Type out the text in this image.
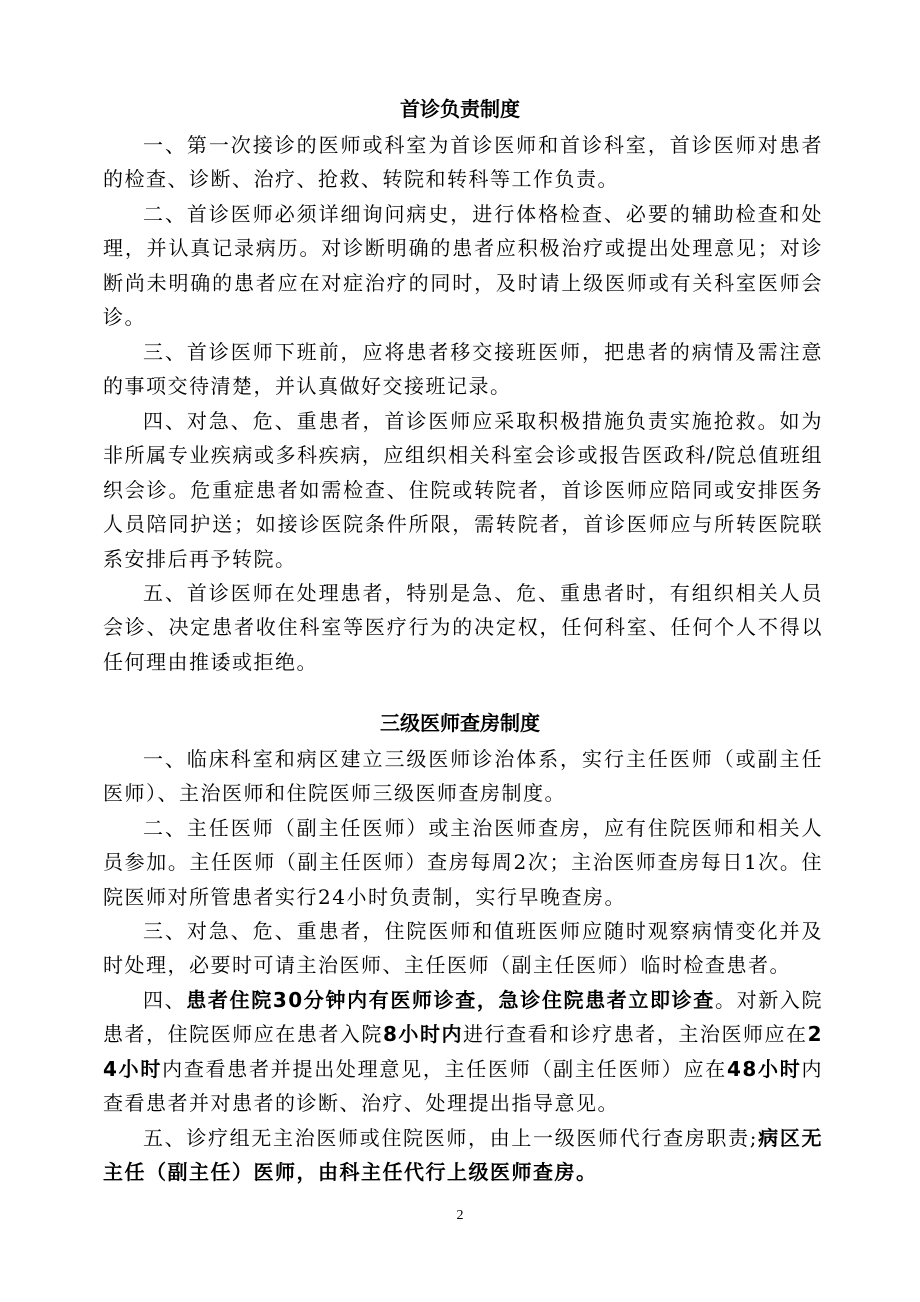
首诊负责制度

一、第一次接诊的医师或科室为首诊医师和首诊科室，首诊医师对患者的检查、诊断、治疗、抢救、转院和转科等工作负责。

二、首诊医师必须详细询问病史，进行体格检查、必要的辅助检查和处理，并认真记录病历。对诊断明确的患者应积极治疗或提出处理意见；对诊断尚未明确的患者应在对症治疗的同时，及时请上级医师或有关科室医师会诊。

三、首诊医师下班前，应将患者移交接班医师，把患者的病情及需注意的事项交待清楚，并认真做好交接班记录。

四、对急、危、重患者，首诊医师应采取积极措施负责实施抢救。如为非所属专业疾病或多科疾病，应组织相关科室会诊或报告医政科/院总值班组织会诊。危重症患者如需检查、住院或转院者，首诊医师应陪同或安排医务人员陪同护送；如接诊医院条件所限，需转院者，首诊医师应与所转医院联系安排后再予转院。

五、首诊医师在处理患者，特别是急、危、重患者时，有组织相关人员会诊、决定患者收住科室等医疗行为的决定权，任何科室、任何个人不得以任何理由推诿或拒绝。

三级医师查房制度

一、临床科室和病区建立三级医师诊治体系，实行主任医师（或副主任医师）、主治医师和住院医师三级医师查房制度。

二、主任医师（副主任医师）或主治医师查房，应有住院医师和相关人员参加。主任医师（副主任医师）查房每周2次；主治医师查房每日1次。住院医师对所管患者实行24小时负责制，实行早晚查房。

三、对急、危、重患者，住院医师和值班医师应随时观察病情变化并及时处理，必要时可请主治医师、主任医师（副主任医师）临时检查患者。

四、患者住院30分钟内有医师诊查，急诊住院患者立即诊查。对新入院患者，住院医师应在患者入院8小时内进行查看和诊疗患者，主治医师应在24小时内查看患者并提出处理意见，主任医师（副主任医师）应在48小时内查看患者并对患者的诊断、治疗、处理提出指导意见。

五、诊疗组无主治医师或住院医师，由上一级医师代行查房职责;病区无主任（副主任）医师，由科主任代行上级医师查房。

2
